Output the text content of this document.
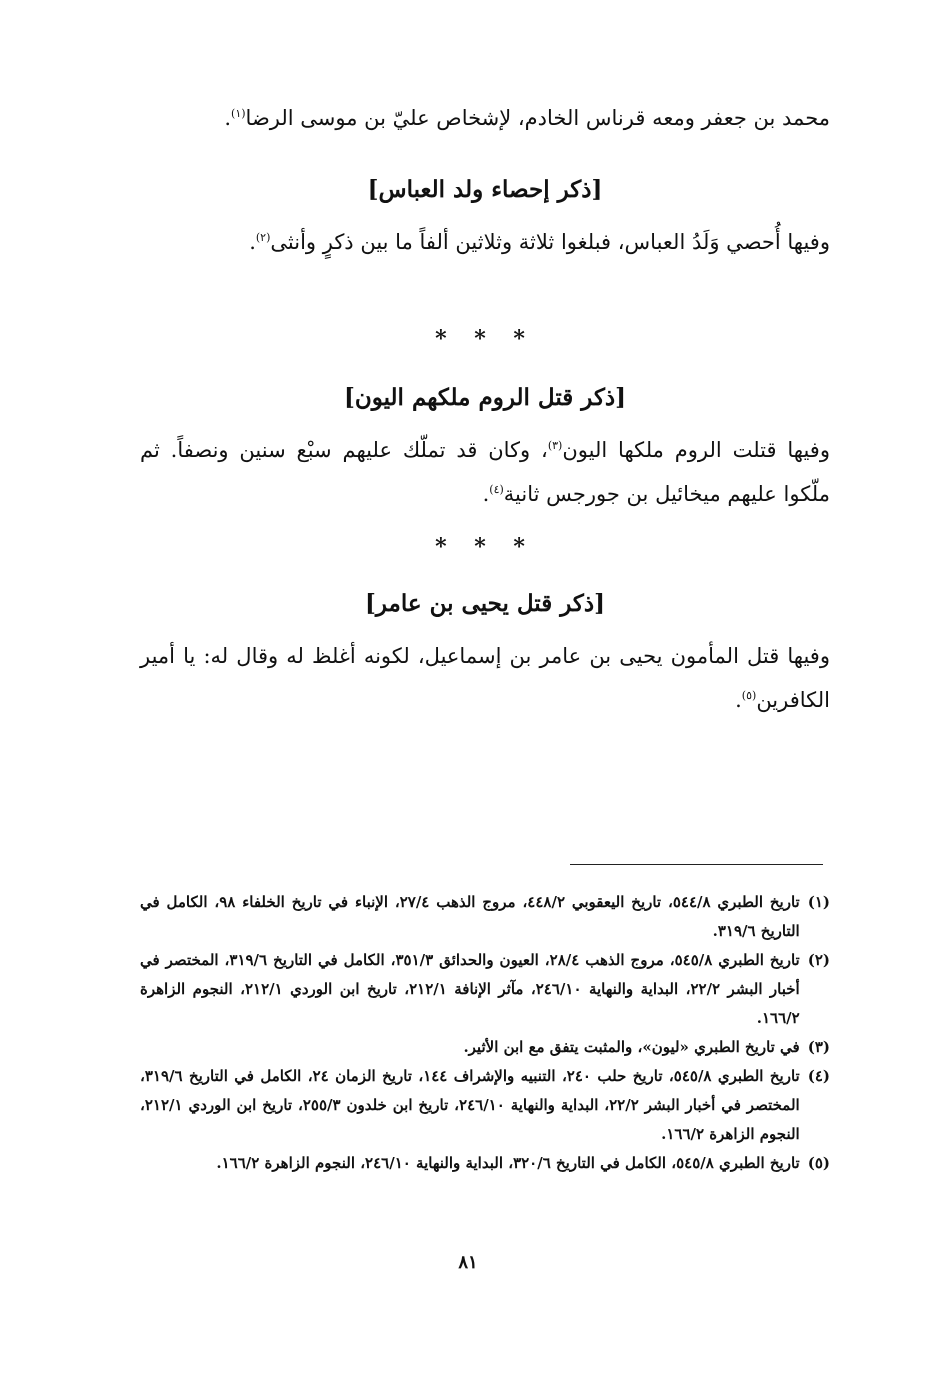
محمد بن جعفر ومعه قرناس الخادم، لإشخاص عليّ بن موسى الرضا$^{(١)}$.

[ذكر إحصاء ولد العباس]

وفيها أُحصي وَلَدُ العباس، فبلغوا ثلاثة وثلاثين ألفاً ما بين ذكرٍ وأنثى$^{(٢)}$.

* * *
[ذكر قتل الروم ملكهم اليون]

وفيها قتلت الروم ملكها اليون$^{(٣)}$، وكان قد تملّك عليهم سبْع سنين ونصفاً. ثم ملّكوا عليهم ميخائيل بن جورجس ثانية$^{(٤)}$.

* * *
[ذكر قتل يحيى بن عامر]

وفيها قتل المأمون يحيى بن عامر بن إسماعيل، لكونه أغلظ له وقال له: يا أمير الكافرين$^{(٥)}$.

(١)
تاريخ الطبري ٥٤٤/٨، تاريخ اليعقوبي ٤٤٨/٢، مروج الذهب ٢٧/٤، الإنباء في تاريخ الخلفاء ٩٨، الكامل في التاريخ ٣١٩/٦.
(٢)
تاريخ الطبري ٥٤٥/٨، مروج الذهب ٢٨/٤، العيون والحدائق ٣٥١/٣، الكامل في التاريخ ٣١٩/٦، المختصر في أخبار البشر ٢٢/٢، البداية والنهاية ٢٤٦/١٠، مآثر الإنافة ٢١٢/١، تاريخ ابن الوردي ٢١٢/١، النجوم الزاهرة ١٦٦/٢.
(٣)
في تاريخ الطبري «ليون»، والمثبت يتفق مع ابن الأثير.
(٤)
تاريخ الطبري ٥٤٥/٨، تاريخ حلب ٢٤٠، التنبيه والإشراف ١٤٤، تاريخ الزمان ٢٤، الكامل في التاريخ ٣١٩/٦، المختصر في أخبار البشر ٢٢/٢، البداية والنهاية ٢٤٦/١٠، تاريخ ابن خلدون ٢٥٥/٣، تاريخ ابن الوردي ٢١٢/١، النجوم الزاهرة ١٦٦/٢.
(٥)
تاريخ الطبري ٥٤٥/٨، الكامل في التاريخ ٣٢٠/٦، البداية والنهاية ٢٤٦/١٠، النجوم الزاهرة ١٦٦/٢.
٨١
